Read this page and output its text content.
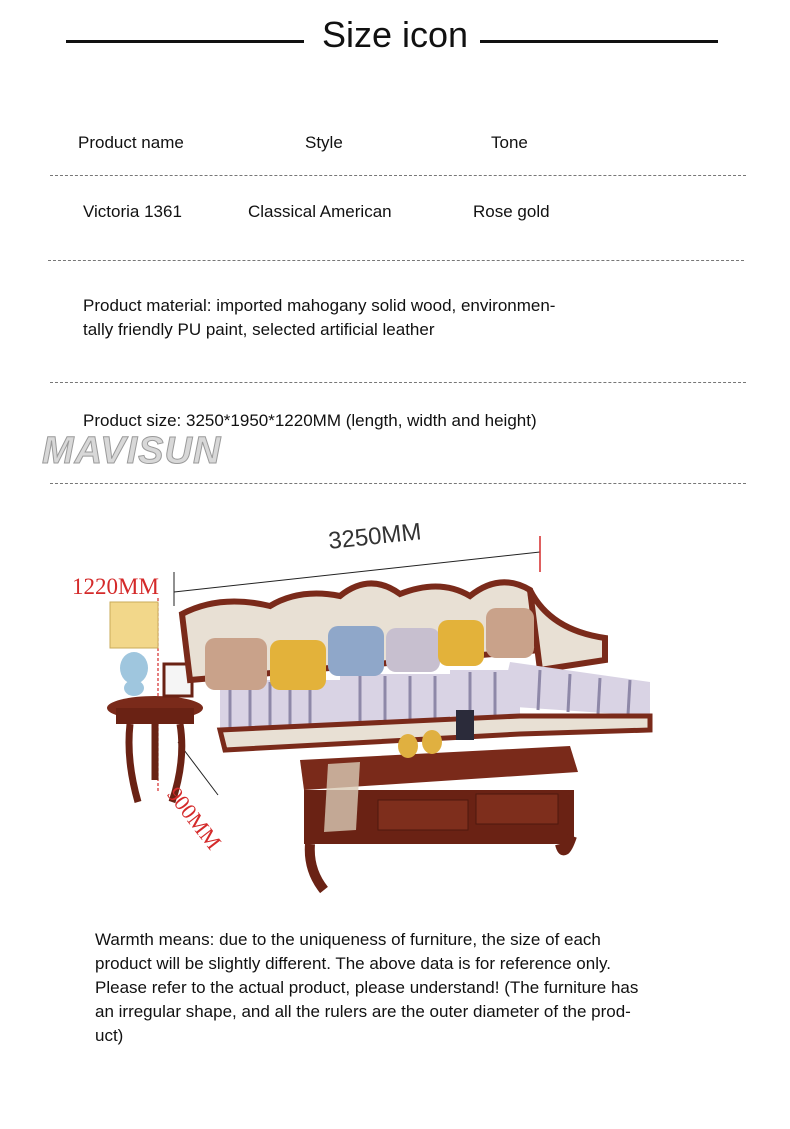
Size icon
Product name	Style	Tone
Victoria 1361	Classical American	Rose gold
Product material: imported mahogany solid wood, environmen-
tally friendly PU paint, selected artificial leather
Product size: 3250*1950*1220MM (length, width and height)
MAVISUN
3250MM
1220MM
900MM
Warmth means: due to the uniqueness of furniture, the size of each
product will be slightly different. The above data is for reference only.
Please refer to the actual product, please understand! (The furniture has
an irregular shape, and all the rulers are the outer diameter of the prod-
uct)
